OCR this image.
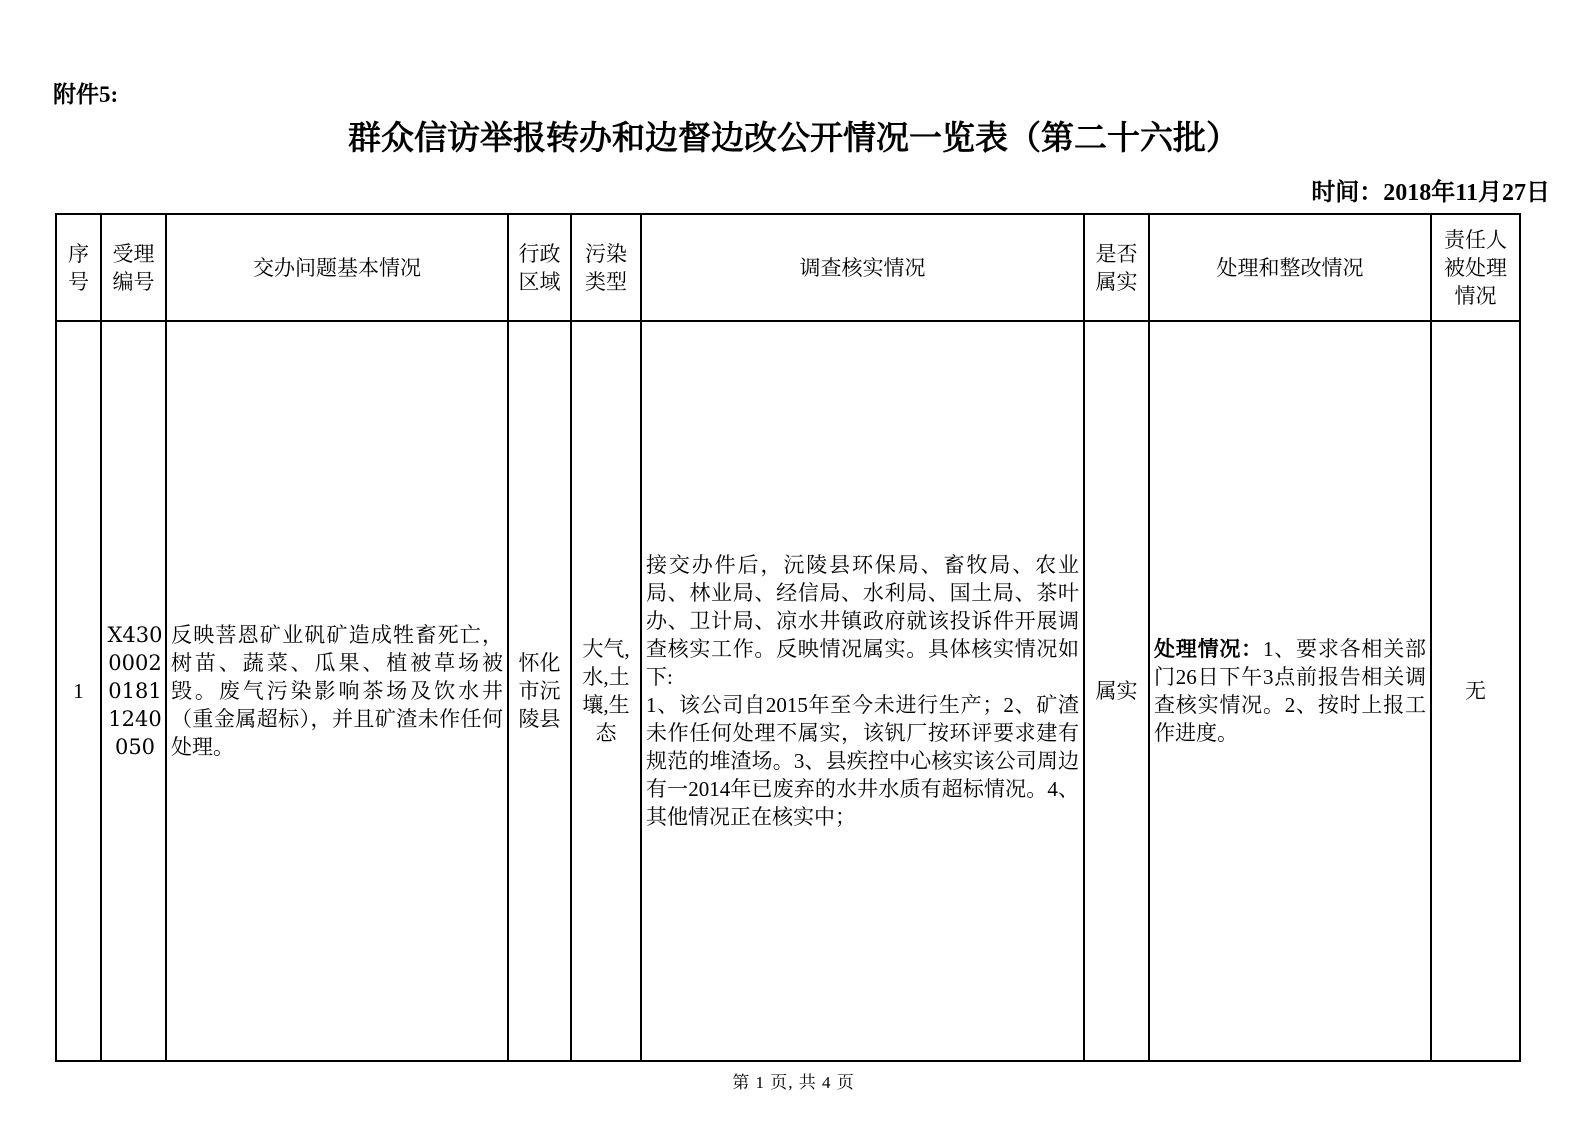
附件5:
群众信访举报转办和边督边改公开情况一览表（第二十六批）
时间：2018年11月27日
序号	受理编号	交办问题基本情况	行政区域	污染类型	调查核实情况	是否属实	处理和整改情况	责任人被处理情况
1	X430000201811240050	反映菩恩矿业矾矿造成牲畜死亡，树苗、蔬菜、瓜果、植被草场被毁。废气污染影响茶场及饮水井（重金属超标），并且矿渣未作任何处理。	怀化市沅陵县	大气,水,土壤,生态	接交办件后，沅陵县环保局、畜牧局、农业局、林业局、经信局、水利局、国土局、茶叶办、卫计局、凉水井镇政府就该投诉件开展调查核实工作。反映情况属实。具体核实情况如下:

1、该公司自2015年至今未进行生产；2、矿渣未作任何处理不属实，该钒厂按环评要求建有规范的堆渣场。3、县疾控中心核实该公司周边有一2014年已废弃的水井水质有超标情况。4、其他情况正在核实中；	属实	处理情况：1、要求各相关部门26日下午3点前报告相关调查核实情况。2、按时上报工作进度。	无
第 1 页, 共 4 页
